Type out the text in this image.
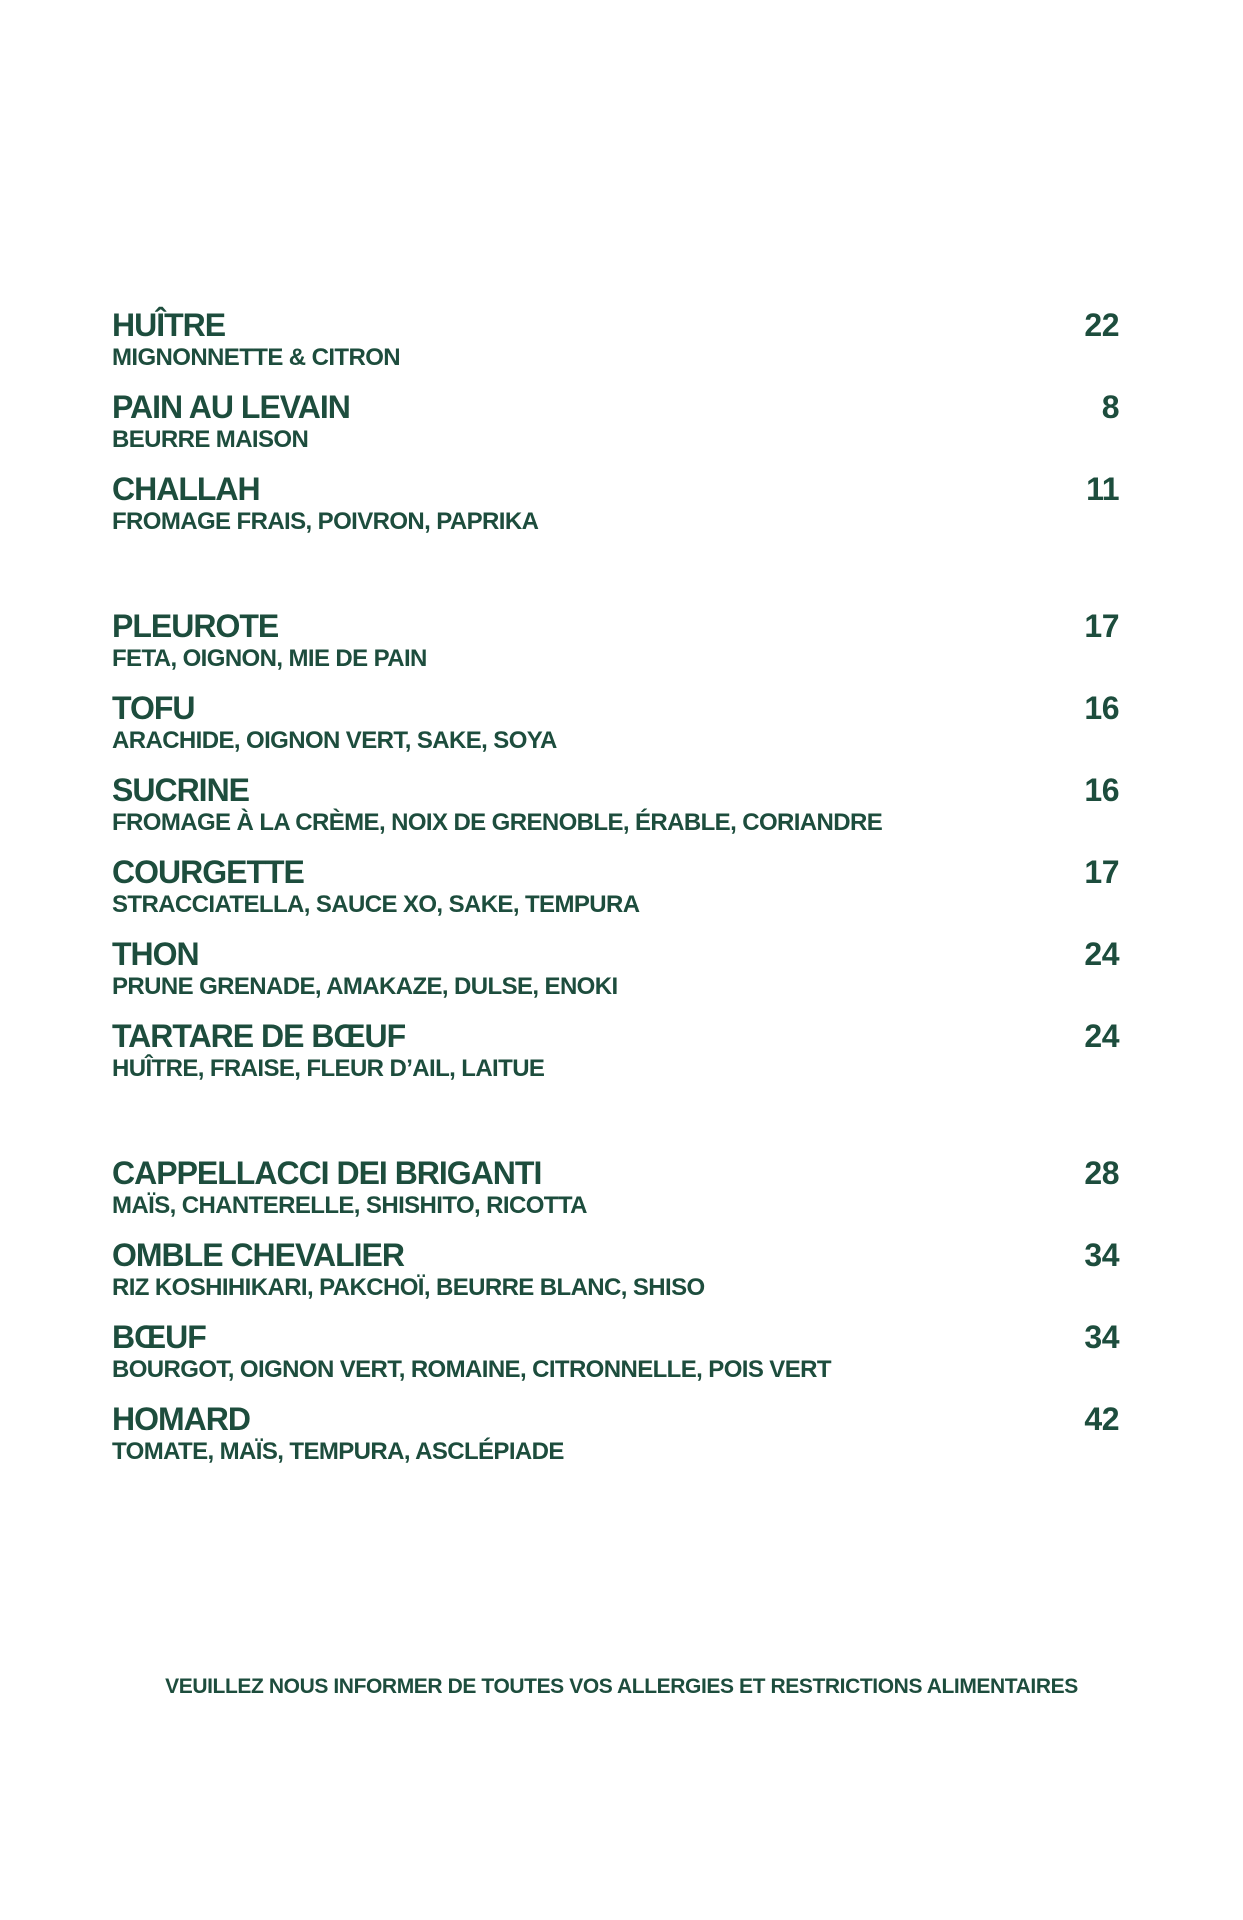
HUÎTRE
MIGNONNETTE & CITRON
22
PAIN AU LEVAIN
BEURRE MAISON
8
CHALLAH
FROMAGE FRAIS, POIVRON, PAPRIKA
11
PLEUROTE
FETA, OIGNON, MIE DE PAIN
17
TOFU
ARACHIDE, OIGNON VERT, SAKE, SOYA
16
SUCRINE
FROMAGE À LA CRÈME, NOIX DE GRENOBLE, ÉRABLE, CORIANDRE
16
COURGETTE
STRACCIATELLA, SAUCE XO, SAKE, TEMPURA
17
THON
PRUNE GRENADE, AMAKAZE, DULSE, ENOKI
24
TARTARE DE BŒUF
HUÎTRE, FRAISE, FLEUR D’AIL, LAITUE
24
CAPPELLACCI DEI BRIGANTI
MAÏS, CHANTERELLE, SHISHITO, RICOTTA
28
OMBLE CHEVALIER
RIZ KOSHIHIKARI, PAKCHOÏ, BEURRE BLANC, SHISO
34
BŒUF
BOURGOT, OIGNON VERT, ROMAINE, CITRONNELLE, POIS VERT
34
HOMARD
TOMATE, MAÏS, TEMPURA, ASCLÉPIADE
42
VEUILLEZ NOUS INFORMER DE TOUTES VOS ALLERGIES ET RESTRICTIONS ALIMENTAIRES
